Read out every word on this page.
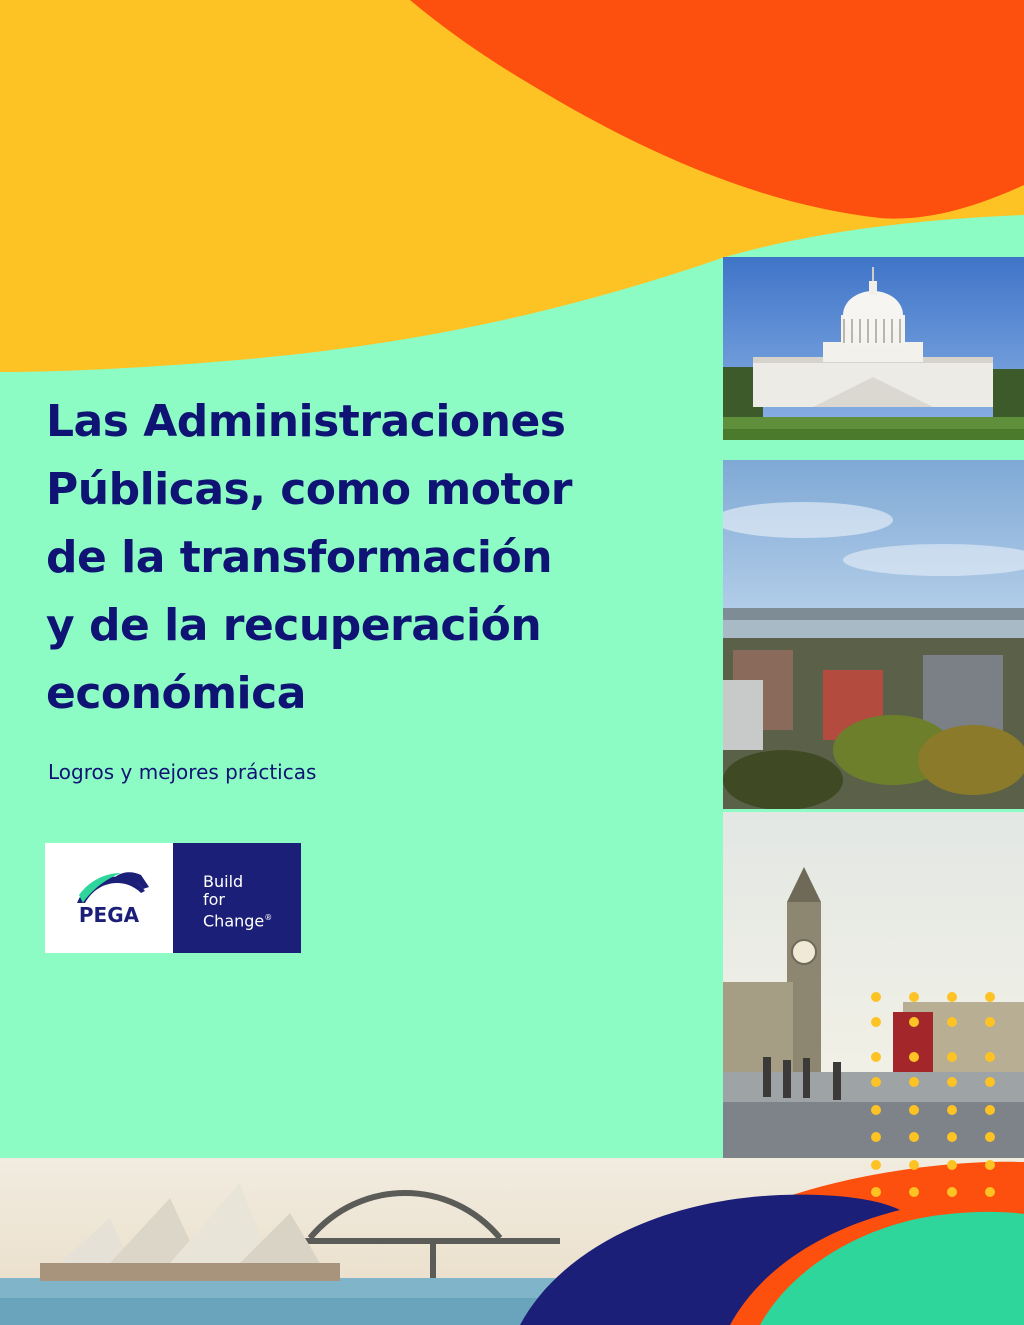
Las Administraciones
Públicas, como motor
de la transformación
y de la recuperación
económica

Logros y mejores prácticas

PEGA
Build
for
Change®
